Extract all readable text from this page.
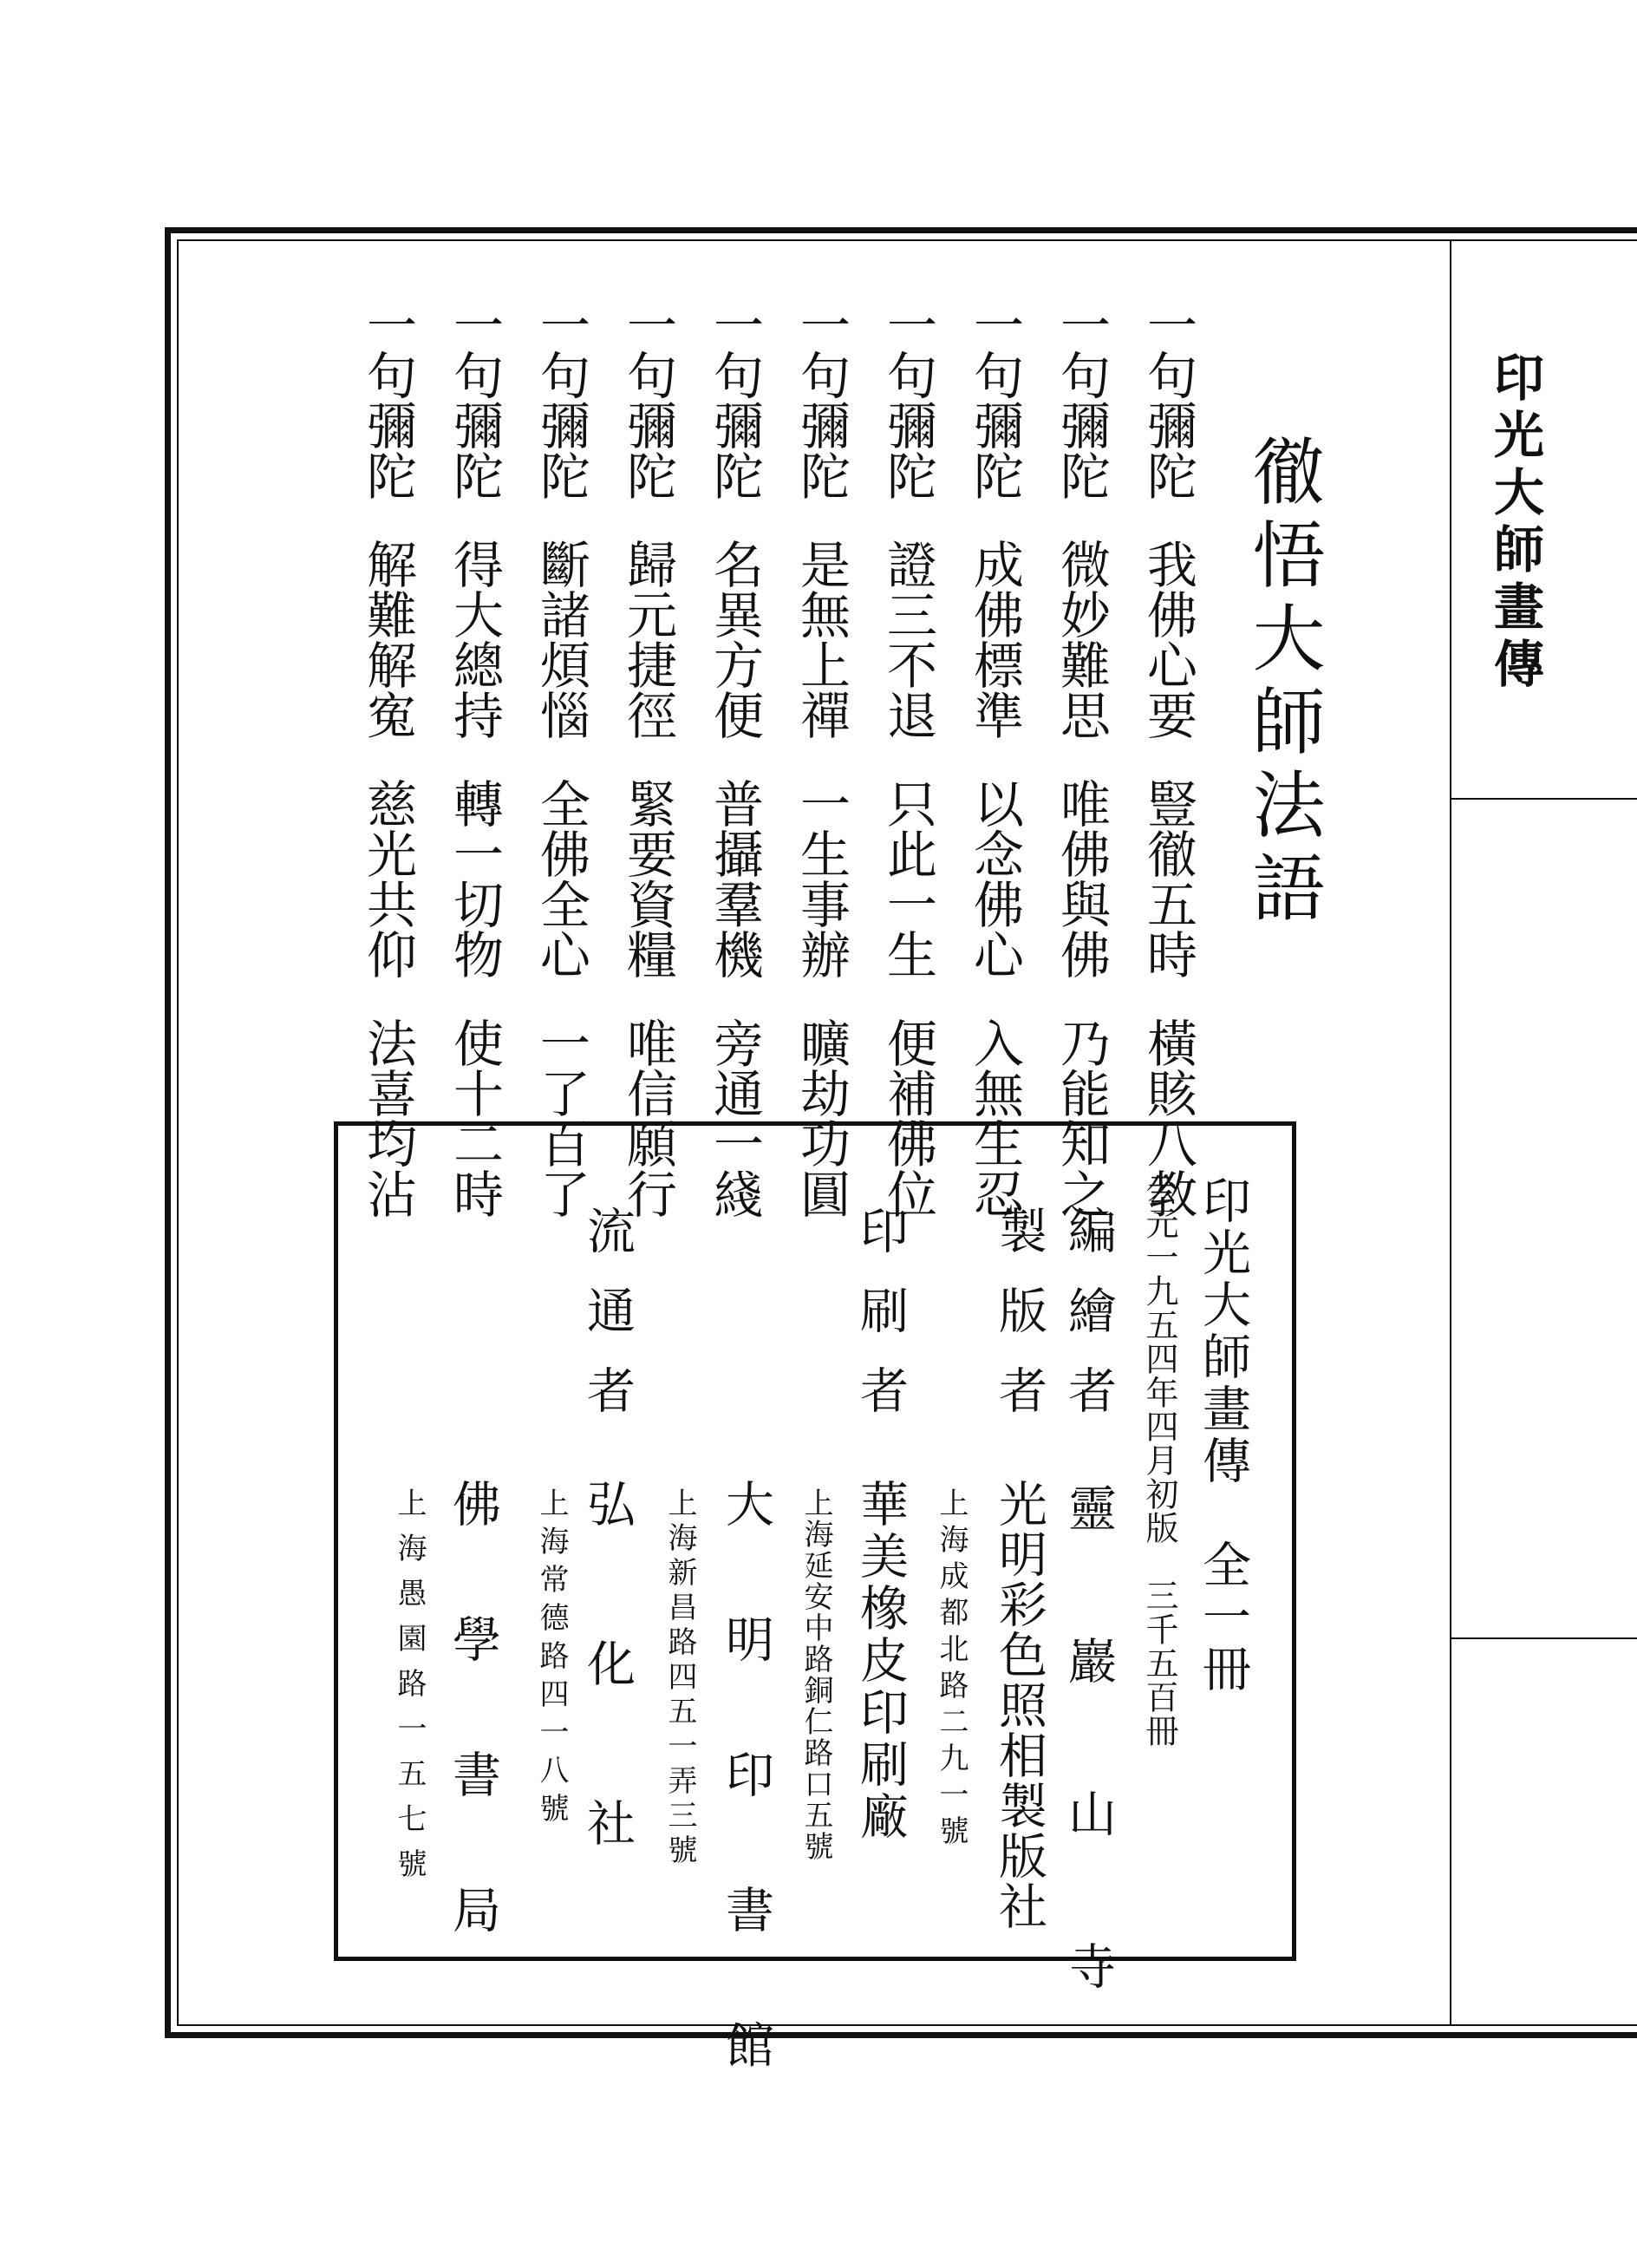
印光大師畫傳
徹悟大師法語
一句彌陀我佛心要豎徹五時橫賅八教
一句彌陀微妙難思唯佛與佛乃能知之
一句彌陀成佛標準以念佛心入無生忍
一句彌陀證三不退只此一生便補佛位
一句彌陀是無上禪一生事辦曠劫功圓
一句彌陀名異方便普攝羣機旁通一綫
一句彌陀歸元捷徑緊要資糧唯信願行
一句彌陀斷諸煩惱全佛全心一了百了
一句彌陀得大總持轉一切物使十二時
一句彌陀解難解寃慈光共仰法喜均沾
印光大師畫傳　全一冊
公元一九五四年四月初版　三千五百冊
編繪者
靈　巖　山　寺
製版者
光明彩色照相製版社
上海成都北路二九一號
印刷者
華美橡皮印刷廠
上海延安中路銅仁路口五號
大　明　印　書　館
上海新昌路四五一弄三號
流通者
弘　化　社
上海常德路四一八號
佛　學　書　局
上海愚園路一五七號
